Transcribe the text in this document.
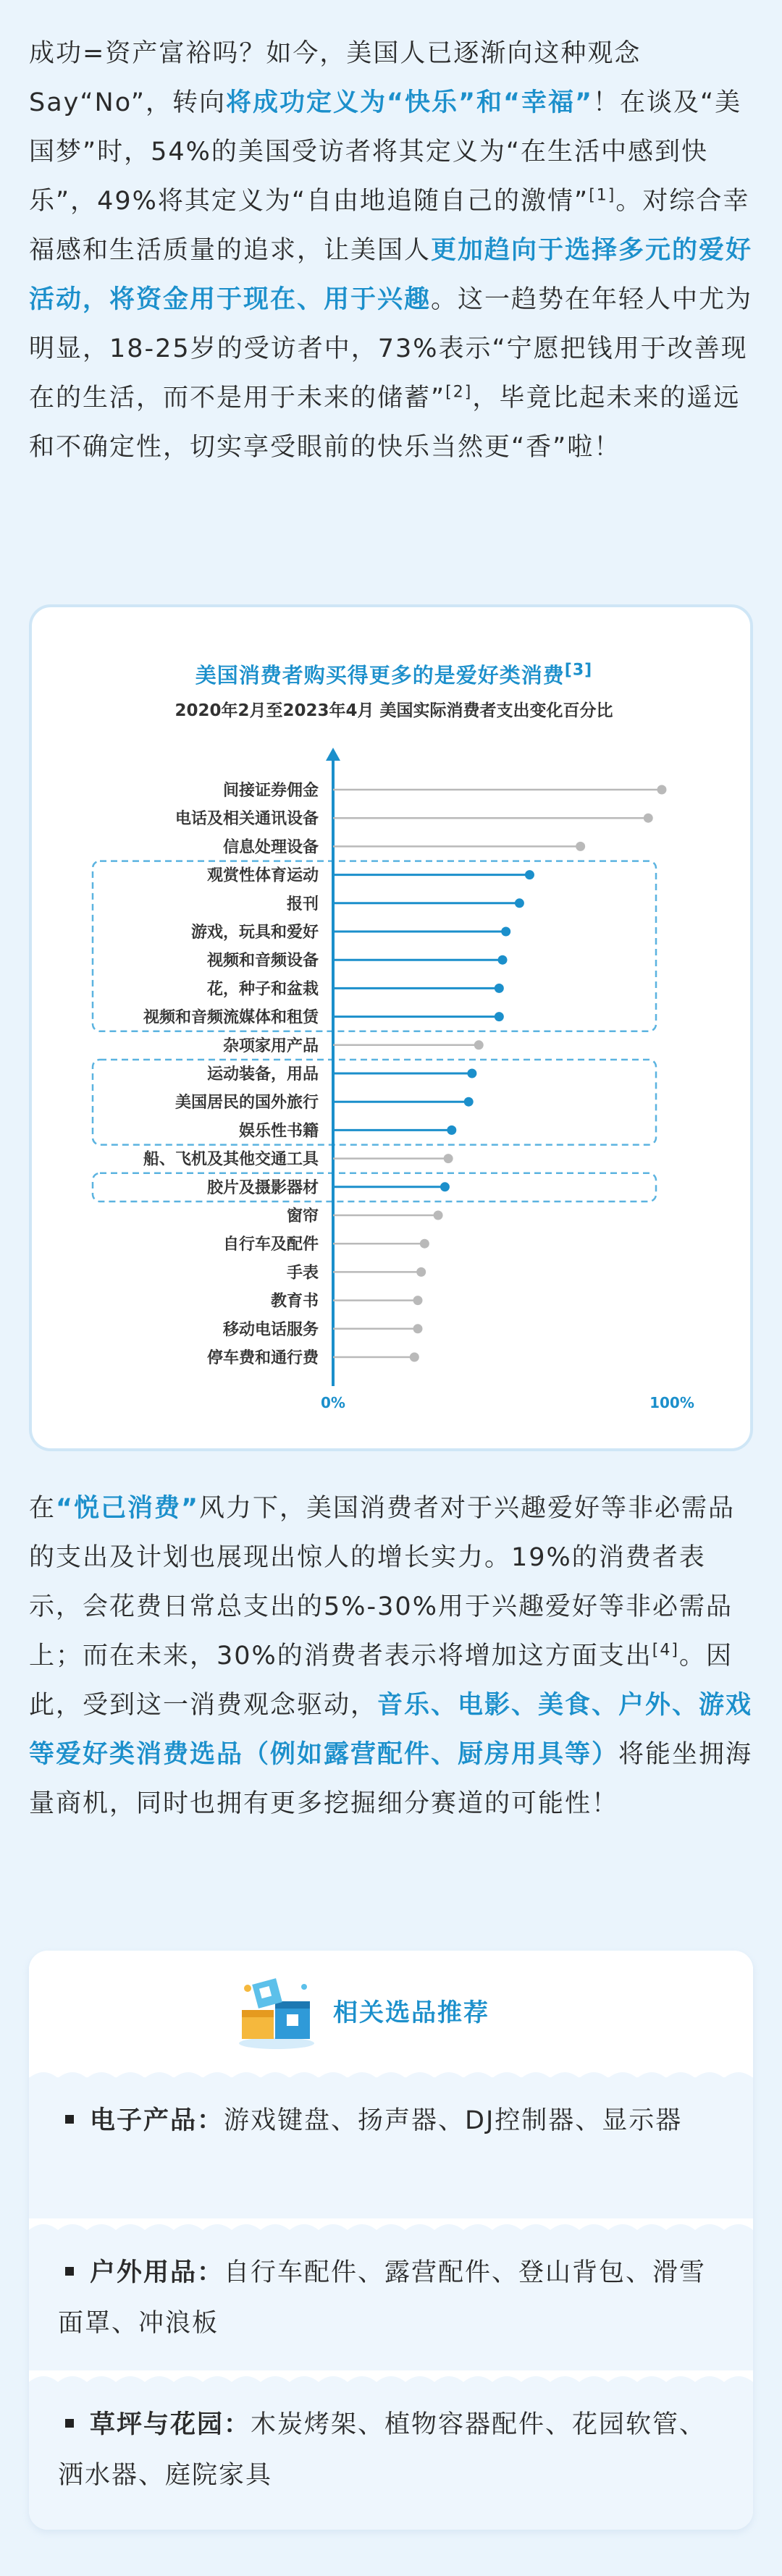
成功=资产富裕吗？如今，美国人已逐渐向这种观念Say“No”，转向将成功定义为“快乐”和“幸福”！在谈及“美国梦”时，54%的美国受访者将其定义为“在生活中感到快乐”，49%将其定义为“自由地追随自己的激情”[1]。对综合幸福感和生活质量的追求，让美国人更加趋向于选择多元的爱好活动，将资金用于现在、用于兴趣。这一趋势在年轻人中尤为明显，18-25岁的受访者中，73%表示“宁愿把钱用于改善现在的生活，而不是用于未来的储蓄”[2]，毕竟比起未来的遥远和不确定性，切实享受眼前的快乐当然更“香”啦！

美国消费者购买得更多的是爱好类消费[3]
2020年2月至2023年4月 美国实际消费者支出变化百分比
间接证券佣金
电话及相关通讯设备
信息处理设备
观赏性体育运动
报刊
游戏，玩具和爱好
视频和音频设备
花，种子和盆栽
视频和音频流媒体和租赁
杂项家用产品
运动装备，用品
美国居民的国外旅行
娱乐性书籍
船、飞机及其他交通工具
胶片及摄影器材
窗帘
自行车及配件
手表
教育书
移动电话服务
停车费和通行费
0%	100%

在“悦己消费”风力下，美国消费者对于兴趣爱好等非必需品的支出及计划也展现出惊人的增长实力。19%的消费者表示，会花费日常总支出的5%-30%用于兴趣爱好等非必需品上；而在未来，30%的消费者表示将增加这方面支出[4]。因此，受到这一消费观念驱动，音乐、电影、美食、户外、游戏等爱好类消费选品（例如露营配件、厨房用具等）将能坐拥海量商机，同时也拥有更多挖掘细分赛道的可能性！

相关选品推荐

电子产品：游戏键盘、扬声器、DJ控制器、显示器

户外用品：自行车配件、露营配件、登山背包、滑雪面罩、冲浪板

草坪与花园：木炭烤架、植物容器配件、花园软管、洒水器、庭院家具
